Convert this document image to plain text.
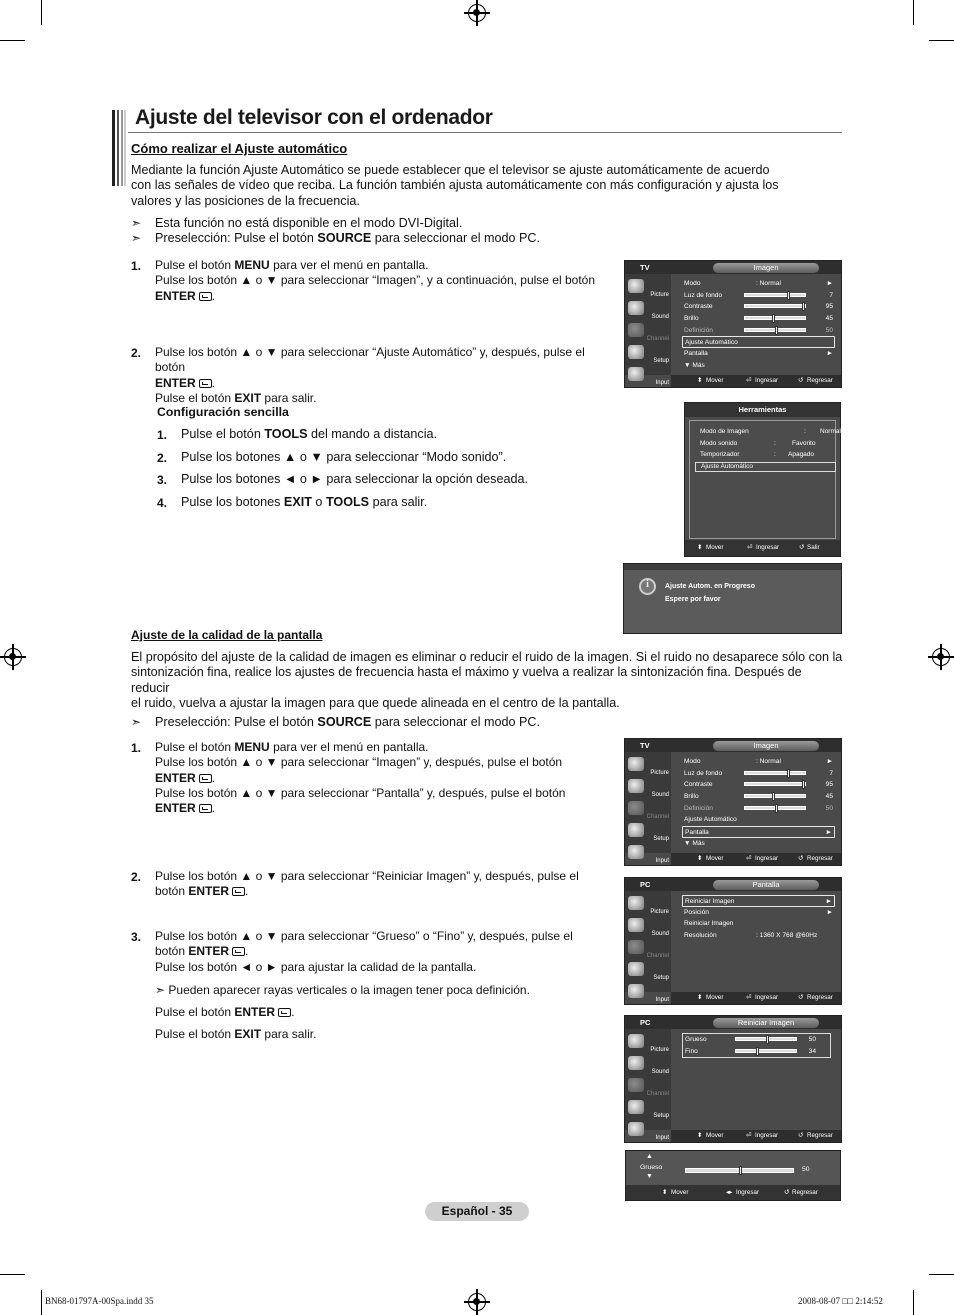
Ajuste del televisor con el ordenador
Cómo realizar el Ajuste automático
Mediante la función Ajuste Automático se puede establecer que el televisor se ajuste automáticamente de acuerdo
con las señales de vídeo que reciba. La función también ajusta automáticamente con más configuración y ajusta los
valores y las posiciones de la frecuencia.
➣	Esta función no está disponible en el modo DVI-Digital.
➣	Preselección: Pulse el botón SOURCE para seleccionar el modo PC.
1. Pulse el botón MENU para ver el menú en pantalla.
Pulse los botón ▲ o ▼ para seleccionar “Imagen”, y a continuación, pulse el botón
ENTER .
2. Pulse los botón ▲ o ▼ para seleccionar “Ajuste Automático” y, después, pulse el botón
ENTER .
Pulse el botón EXIT para salir.
Configuración sencilla
1. Pulse el botón TOOLS del mando a distancia.
2. Pulse los botones ▲ o ▼ para seleccionar “Modo sonido”.
3. Pulse los botones ◄ o ► para seleccionar la opción deseada.
4. Pulse los botones EXIT o TOOLS para salir.
TV	Imagen
Picture
Sound
Channel
Setup
Input
Modo	: Normal	►
Luz de fondo	7
Contraste	95
Brillo	45
Definición	50
Ajuste Automático
Pantalla	►
▼ Más
⬍ Mover	⏎ Ingresar	↺ Regresar
Herramientas
Modo de Imagen	: Normal
Modo sonido	: Favorito
Temporizador	: Apagado
Ajuste Automático
⬍ Mover	⏎ Ingresar	↺ Salir
i
Ajuste Autom. en Progreso
Espere por favor
Ajuste de la calidad de la pantalla
El propósito del ajuste de la calidad de imagen es eliminar o reducir el ruido de la imagen. Si el ruido no desaparece sólo con la
sintonización fina, realice los ajustes de frecuencia hasta el máximo y vuelva a realizar la sintonización fina. Después de reducir
el ruido, vuelva a ajustar la imagen para que quede alineada en el centro de la pantalla.
➣	Preselección: Pulse el botón SOURCE para seleccionar el modo PC.
1. Pulse el botón MENU para ver el menú en pantalla.
Pulse los botón ▲ o ▼ para seleccionar “Imagen” y, después, pulse el botón
ENTER .
Pulse los botón ▲ o ▼ para seleccionar “Pantalla” y, después, pulse el botón
ENTER .
2. Pulse los botón ▲ o ▼ para seleccionar “Reiniciar Imagen” y, después, pulse el
botón ENTER .
3. Pulse los botón ▲ o ▼ para seleccionar “Grueso” o “Fino” y, después, pulse el
botón ENTER .
Pulse los botón ◄ o ► para ajustar la calidad de la pantalla.
➣ Pueden aparecer rayas verticales o la imagen tener poca definición.
Pulse el botón ENTER .
Pulse el botón EXIT para salir.
TV	Imagen
Picture
Sound
Channel
Setup
Input
Modo	: Normal	►
Luz de fondo	7
Contraste	95
Brillo	45
Definición	50
Ajuste Automático
Pantalla	►
▼ Más
⬍ Mover	⏎ Ingresar	↺ Regresar
PC	Pantalla
Picture
Sound
Channel
Setup
Input
Reiniciar Imagen	►
Posición	►
Reiniciar Imagen
Resolución	: 1360 X 768 @60Hz
⬍ Mover	⏎ Ingresar	↺ Regresar
PC	Reiniciar Imagen
Picture
Sound
Channel
Setup
Input
Grueso	50
Fino	34
⬍ Mover	⏎ Ingresar	↺ Regresar
▲
Grueso
▼
50
⬍ Mover	◂▸ Ingresar	↺ Regresar
Español - 35
BN68-01797A-00Spa.indd 35	2008-08-07 □□ 2:14:52
